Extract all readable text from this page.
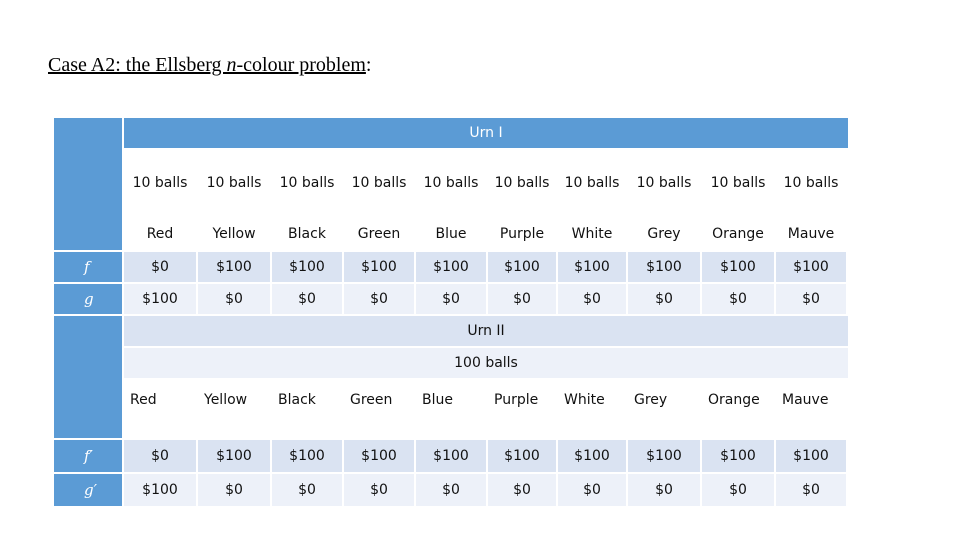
Case A2: the Ellsberg n-colour problem:
Urn I
10 balls	10 balls	10 balls	10 balls	10 balls	10 balls	10 balls	10 balls	10 balls	10 balls
Red	Yellow	Black	Green	Blue	Purple	White	Grey	Orange	Mauve
f	$0	$100	$100	$100	$100	$100	$100	$100	$100	$100
g	$100	$0	$0	$0	$0	$0	$0	$0	$0	$0
Urn II
100 balls
Red	Yellow	Black	Green	Blue	Purple	White	Grey	Orange	Mauve
f′	$0	$100	$100	$100	$100	$100	$100	$100	$100	$100
g′	$100	$0	$0	$0	$0	$0	$0	$0	$0	$0
